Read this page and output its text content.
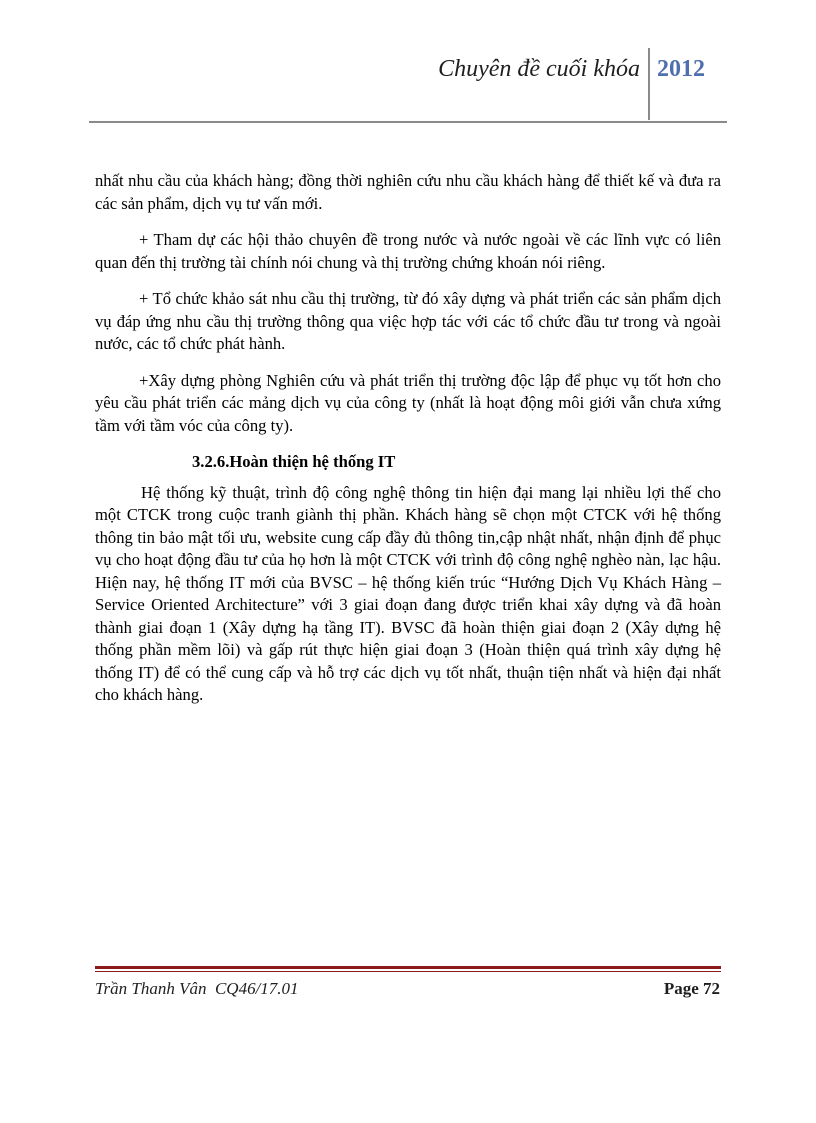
Chuyên đề cuối khóa 2012

nhất nhu cầu của khách hàng; đồng thời nghiên cứu nhu cầu khách hàng để thiết kế và đưa ra các sản phẩm, dịch vụ tư vấn mới.

+ Tham dự các hội thảo chuyên đề trong nước và nước ngoài về các lĩnh vực có liên quan đến thị trường tài chính nói chung và thị trường chứng khoán nói riêng.

+ Tổ chức khảo sát nhu cầu thị trường, từ đó xây dựng và phát triển các sản phẩm dịch vụ đáp ứng nhu cầu thị trường thông qua việc hợp tác với các tổ chức đầu tư trong và ngoài nước, các tổ chức phát hành.

+Xây dựng phòng Nghiên cứu và phát triển thị trường độc lập để phục vụ tốt hơn cho yêu cầu phát triển các mảng dịch vụ của công ty (nhất là hoạt động môi giới vẫn chưa xứng tầm với tầm vóc của công ty).

3.2.6.Hoàn thiện hệ thống IT

Hệ thống kỹ thuật, trình độ công nghệ thông tin hiện đại mang lại nhiều lợi thế cho một CTCK trong cuộc tranh giành thị phần. Khách hàng sẽ chọn một CTCK với hệ thống thông tin bảo mật tối ưu, website cung cấp đầy đủ thông tin,cập nhật nhất, nhận định để phục vụ cho hoạt động đầu tư của họ hơn là một CTCK với trình độ công nghệ nghèo nàn, lạc hậu. Hiện nay, hệ thống IT mới của BVSC – hệ thống kiến trúc “Hướng Dịch Vụ Khách Hàng – Service Oriented Architecture” với 3 giai đoạn đang được triển khai xây dựng và đã hoàn thành giai đoạn 1 (Xây dựng hạ tầng IT). BVSC đã hoàn thiện giai đoạn 2 (Xây dựng hệ thống phần mềm lõi) và gấp rút thực hiện giai đoạn 3 (Hoàn thiện quá trình xây dựng hệ thống IT) để có thể cung cấp và hỗ trợ các dịch vụ tốt nhất, thuận tiện nhất và hiện đại nhất cho khách hàng.

Trần Thanh Vân  CQ46/17.01	Page 72
